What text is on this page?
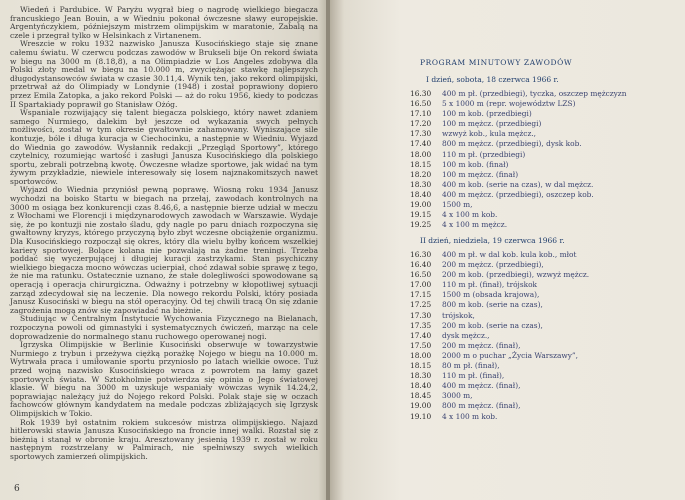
Wiedeń i Pardubice. W Paryżu wygrał bieg o nagrodę wielkiego biegacza francuskiego Jean Bouin, a w Wiedniu pokonał ówczesne sławy europejskie. Argentyńczykiem, późniejszym mistrzem olimpijskim w maratonie, Zabalą na czele i przegrał tylko w Helsinkach z Virtanenem.

Wreszcie w roku 1932 nazwisko Janusza Kusocińskiego staje się znane całemu światu. W czerwcu podczas zawodów w Brukseli bije On rekord świata w biegu na 3000 m (8.18,8), a na Olimpiadzie w Los Angeles zdobywa dla Polski złoty medal w biegu na 10.000 m, zwyciężając stawkę najlepszych długodystansowców świata w czasie 30.11,4. Wynik ten, jako rekord olimpijski, przetrwał aż do Olimpiady w Londynie (1948) i został poprawiony dopiero przez Emila Zatopka, a jako rekord Polski — aż do roku 1956, kiedy to podczas II Spartakiady poprawił go Stanisław Ożóg.

Wspaniale rozwijający się talent biegacza polskiego, który nawet zdaniem samego Nurmiego, dalekim był jeszcze od wykazania swych pełnych możliwości, został w tym okresie gwałtownie zahamowany. Wyniszające sile kontuzje, bóle i długa kuracja w Ciechocinku, a następnie w Wiedniu. Wyjazd do Wiednia go zawodów. Wysłannik redakcji „Przegląd Sportowy”, którego czytelnicy, rozumiejąc wartość i zasługi Janusza Kusocińskiego dla polskiego sportu, zebrali potrzebną kwotę. Ówczesne władze sportowe, jak widać na tym żywym przykładzie, niewiele interesowały się losem najznakomitszych nawet sportowców.

Wyjazd do Wiednia przyniósł pewną poprawę. Wiosną roku 1934 Janusz wychodzi na boisko Startu w biegach na przełaj, zawodach kontrolnych na 3000 m osiąga bez konkurencji czas 8.46,6, a następnie bierze udział w meczu z Włochami we Florencji i międzynarodowych zawodach w Warszawie. Wydaje się, że po kontuzji nie zostało śladu, gdy nagle po paru dniach rozpoczyna się gwałtowny kryzys, którego przyczyną było zbyt wczesne obciążenie organizmu. Dla Kusocińskiego rozpoczął się okres, który dla wielu byłby końcem wszelkiej kariery sportowej. Bolące kolana nie pozwalają na żadne treningi. Trzeba poddać się wyczerpującej i długiej kuracji zastrzykami. Stan psychiczny wielkiego biegacza mocno wówczas ucierpiał, choć zdawał sobie sprawę z tego, że nie ma ratunku. Ostatecznie uznano, że stałe dolegliwości spowodowane są operacją i operacja chirurgiczna. Odważny i potrzebny w kłopotliwej sytuacji zarząd zdecydował się na leczenie. Dla nowego rekordu Polski, który posiada Janusz Kusociński w biegu na stół operacyjny. Od tej chwili tracą On się zdanie zagrożenia mogą znów się zapowiadać na bieżnie.

Studiując w Centralnym Instytucie Wychowania Fizycznego na Bielanach, rozpoczyna powoli od gimnastyki i systematycznych ćwiczeń, marząc na cele doprowadzenie do normalnego stanu ruchowego operowanej nogi.

Igrzyska Olimpijskie w Berlinie Kusociński obserwuje w towarzystwie Nurmiego z trybun i przeżywa ciężką porażkę Nojego w biegu na 10.000 m. Wytrwała praca i umiłowanie sportu przyniosło po latach wielkie owoce. Tuż przed wojną nazwisko Kusocińskiego wraca z powrotem na łamy gazet sportowych świata. W Sztokholmie potwierdza się opinia o Jego światowej klasie. W biegu na 3000 m uzyskuje wspaniały wówczas wynik 14.24,2, poprawiając należący już do Nojego rekord Polski. Polak staje się w oczach fachowców głównym kandydatem na medale podczas zbliżających się Igrzysk Olimpijskich w Tokio.

Rok 1939 był ostatnim rokiem sukcesów mistrza olimpijskiego. Najazd hitlerowski stawia Janusza Kusocińskiego na froncie innej walki. Rozstał się z bieżnią i stanął w obronie kraju. Aresztowany jesienią 1939 r. został w roku następnym rozstrzelany w Palmirach, nie spełniwszy swych wielkich sportowych zamierzeń olimpijskich.

6
PROGRAM MINUTOWY ZAWODÓW
I dzień, sobota, 18 czerwca 1966 r.
16.30	400 m pł. (przedbiegi), tyczka, oszczep mężczyzn
16.50	5 x 1000 m (repr. województw LZS)
17.10	100 m kob. (przedbiegi)
17.20	100 m mężcz. (przedbiegi)
17.30	wzwyż kob., kula mężcz.,
17.40	800 m mężcz. (przedbiegi), dysk kob.
18.00	110 m pł. (przedbiegi)
18.15	100 m kob. (finał)
18.20	100 m mężcz. (finał)
18.30	400 m kob. (serie na czas), w dal mężcz.
18.40	400 m mężcz. (przedbiegi), oszczep kob.
19.00	1500 m,
19.15	4 x 100 m kob.
19.25	4 x 100 m mężcz.
II dzień, niedziela, 19 czerwca 1966 r.
16.30	400 m pł. w dal kob. kula kob., młot
16.40	200 m mężcz. (przedbiegi),
16.50	200 m kob. (przedbiegi), wzwyż mężcz.
17.00	110 m pł. (finał), trójskok
17.15	1500 m (obsada krajowa),
17.25	800 m kob. (serie na czas),
17.30	trójskok,
17.35	200 m kob. (serie na czas),
17.40	dysk mężcz.,
17.50	200 m mężcz. (finał),
18.00	2000 m o puchar „Życia Warszawy”,
18.15	80 m pł. (finał),
18.30	110 m pł. (finał),
18.40	400 m mężcz. (finał),
18.45	3000 m,
19.00	800 m mężcz. (finał),
19.10	4 x 100 m kob.
